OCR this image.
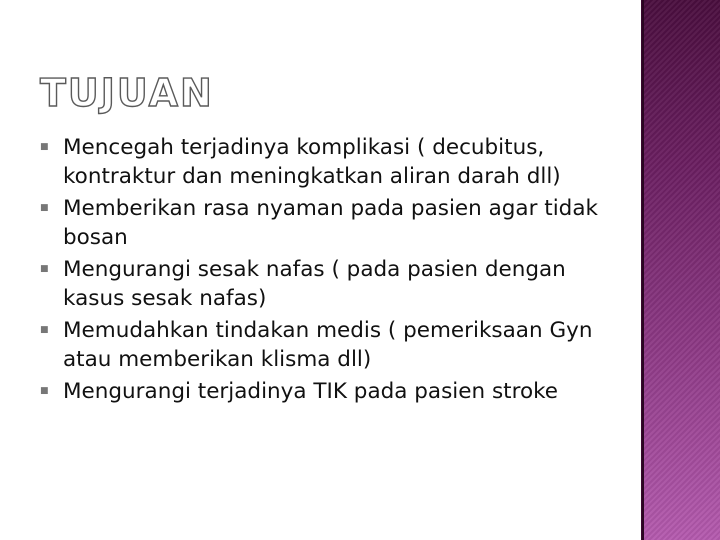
TUJUAN
■ Mencegah terjadinya komplikasi ( decubitus, kontraktur dan meningkatkan aliran darah dll)
■ Memberikan rasa nyaman pada pasien agar tidak bosan
■ Mengurangi sesak nafas ( pada pasien dengan kasus sesak nafas)
■ Memudahkan tindakan medis ( pemeriksaan Gyn atau memberikan klisma dll)
■ Mengurangi terjadinya TIK pada pasien stroke
